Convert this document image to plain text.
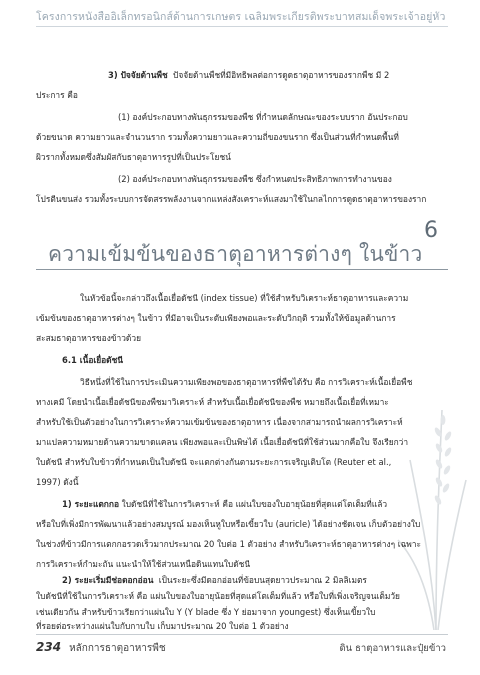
โครงการหนังสืออิเล็กทรอนิกส์ด้านการเกษตร เฉลิมพระเกียรติพระบาทสมเด็จพระเจ้าอยู่หัว
3) ปัจจัยด้านพืช ปัจจัยด้านพืชที่มีอิทธิพลต่อการดูดธาตุอาหารของรากพืช มี 2
ประการ คือ
(1) องค์ประกอบทางพันธุกรรมของพืช ที่กำหนดลักษณะของระบบราก อันประกอบ
ด้วยขนาด ความยาวและจำนวนราก รวมทั้งความยาวและความถี่ของขนราก ซึ่งเป็นส่วนที่กำหนดพื้นที่
ผิวรากทั้งหมดซึ่งสัมผัสกับธาตุอาหารรูปที่เป็นประโยชน์
(2) องค์ประกอบทางพันธุกรรมของพืช ซึ่งกำหนดประสิทธิภาพการทำงานของ
โปรตีนขนส่ง รวมทั้งระบบการจัดสรรพลังงานจากแหล่งสังเคราะห์แสงมาใช้ในกลไกการดูดธาตุอาหารของราก
6
ความเข้มข้นของธาตุอาหารต่างๆ ในข้าว
ในหัวข้อนี้จะกล่าวถึงเนื้อเยื่อดัชนี (index tissue) ที่ใช้สำหรับวิเคราะห์ธาตุอาหารและความ
เข้มข้นของธาตุอาหารต่างๆ ในข้าว ที่มีอาจเป็นระดับเพียงพอและระดับวิกฤติ รวมทั้งให้ข้อมูลด้านการ
สะสมธาตุอาหารของข้าวด้วย
6.1 เนื้อเยื่อดัชนี
วิธีหนึ่งที่ใช้ในการประเมินความเพียงพอของธาตุอาหารที่พืชได้รับ คือ การวิเคราะห์เนื้อเยื่อพืช
ทางเคมี โดยนำเนื้อเยื่อดัชนีของพืชมาวิเคราะห์ สำหรับเนื้อเยื่อดัชนีของพืช หมายถึงเนื้อเยื่อที่เหมาะ
สำหรับใช้เป็นตัวอย่างในการวิเคราะห์ความเข้มข้นของธาตุอาหาร เนื่องจากสามารถนำผลการวิเคราะห์
มาแปลความหมายด้านความขาดแคลน เพียงพอและเป็นพิษได้ เนื้อเยื่อดัชนีที่ใช้ส่วนมากคือใบ จึงเรียกว่า
ใบดัชนี สำหรับใบข้าวที่กำหนดเป็นใบดัชนี จะแตกต่างกันตามระยะการเจริญเติบโต (Reuter et al.,
1997) ดังนี้
1) ระยะแตกกอ ใบดัชนีที่ใช้ในการวิเคราะห์ คือ แผ่นใบของใบอายุน้อยที่สุดแต่โตเต็มที่แล้ว
หรือใบที่เพิ่งมีการพัฒนาแล้วอย่างสมบูรณ์ มองเห็นหูใบหรือเขี้ยวใบ (auricle) ได้อย่างชัดเจน เก็บตัวอย่างใบ
ในช่วงที่ข้าวมีการแตกกอรวดเร็วมากประมาณ 20 ใบต่อ 1 ตัวอย่าง สำหรับวิเคราะห์ธาตุอาหารต่างๆ เฉพาะ
การวิเคราะห์กำมะถัน แนะนำให้ใช้ส่วนเหนือดินแทนใบดัชนี
2) ระยะเริ่มมีช่อดอกอ่อน เป็นระยะซึ่งมีดอกอ่อนที่ข้อบนสุดยาวประมาณ 2 มิลลิเมตร
ใบดัชนีที่ใช้ในการวิเคราะห์ คือ แผ่นใบของใบอายุน้อยที่สุดแต่โตเต็มที่แล้ว หรือใบที่เพิ่งเจริญจนเต็มวัย
เช่นเดียวกัน สำหรับข้าวเรียกว่าแผ่นใบ Y (Y blade ซึ่ง Y ย่อมาจาก youngest) ซึ่งเห็นเขี้ยวใบ
ที่รอยต่อระหว่างแผ่นใบกับกาบใบ เก็บมาประมาณ 20 ใบต่อ 1 ตัวอย่าง
234 หลักการธาตุอาหารพืช	ดิน ธาตุอาหารและปุ๋ยข้าว
